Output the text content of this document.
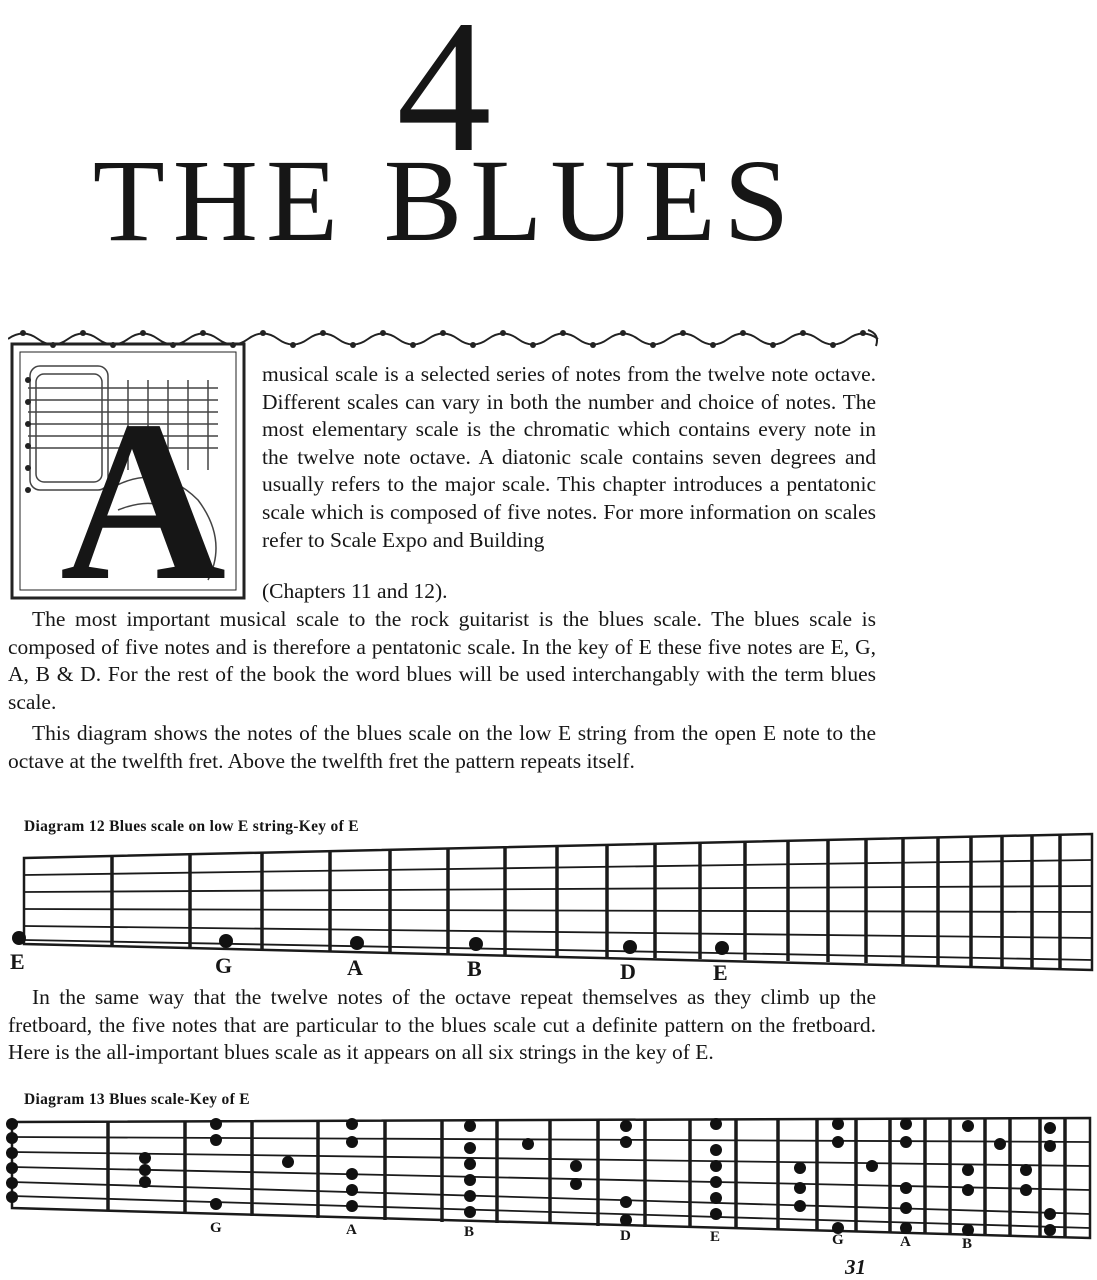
4
THE BLUES
A musical scale is a selected series of notes from the twelve note octave. Different scales can vary in both the number and choice of notes. The most elementary scale is the chromatic which contains every note in the twelve note octave. A diatonic scale contains seven degrees and usually refers to the major scale. This chapter introduces a pentatonic scale which is composed of five notes. For more information on scales refer to Scale Expo and Building
(Chapters 11 and 12).
The most important musical scale to the rock guitarist is the blues scale. The blues scale is composed of five notes and is therefore a pentatonic scale. In the key of E these five notes are E, G, A, B & D. For the rest of the book the word blues will be used interchangably with the term blues scale.
This diagram shows the notes of the blues scale on the low E string from the open E note to the octave at the twelfth fret. Above the twelfth fret the pattern repeats itself.
Diagram 12 Blues scale on low E string-Key of E
E	G	A	B	D	E
In the same way that the twelve notes of the octave repeat themselves as they climb up the fretboard, the five notes that are particular to the blues scale cut a definite pattern on the fretboard. Here is the all-important blues scale as it appears on all six strings in the key of E.
Diagram 13 Blues scale-Key of E
G	A	B	D	E	G	A	B
31
